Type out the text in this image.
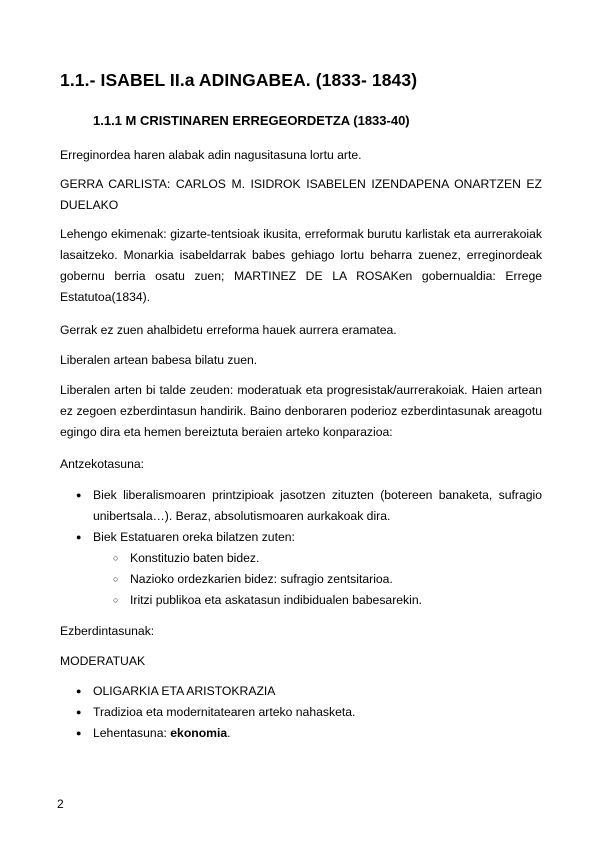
1.1.- ISABEL II.a ADINGABEA. (1833- 1843)
1.1.1 M CRISTINAREN ERREGEORDETZA (1833-40)
Erreginordea haren alabak adin nagusitasuna lortu arte.
GERRA CARLISTA: CARLOS M. ISIDROK ISABELEN IZENDAPENA ONARTZEN EZ DUELAKO
Lehengo ekimenak: gizarte-tentsioak ikusita, erreformak burutu karlistak eta aurrerakoiak lasaitzeko. Monarkia isabeldarrak babes gehiago lortu beharra zuenez, erreginordeak gobernu berria osatu zuen; MARTINEZ DE LA ROSAKen gobernualdia: Errege Estatutoa(1834).
Gerrak ez zuen ahalbidetu erreforma hauek aurrera eramatea.
Liberalen artean babesa bilatu zuen.
Liberalen arten bi talde zeuden: moderatuak eta progresistak/aurrerakoiak. Haien artean ez zegoen ezberdintasun handirik. Baino denboraren poderioz ezberdintasunak areagotu egingo dira eta hemen bereiztuta beraien arteko konparazioa:
Antzekotasuna:
● Biek liberalismoaren printzipioak jasotzen zituzten (botereen banaketa, sufragio unibertsala…). Beraz, absolutismoaren aurkakoak dira.
● Biek Estatuaren oreka bilatzen zuten:
○ Konstituzio baten bidez.
○ Nazioko ordezkarien bidez: sufragio zentsitarioa.
○ Iritzi publikoa eta askatasun indibidualen babesarekin.
Ezberdintasunak:
MODERATUAK
● OLIGARKIA ETA ARISTOKRAZIA
● Tradizioa eta modernitatearen arteko nahasketa.
● Lehentasuna: ekonomia.
2
